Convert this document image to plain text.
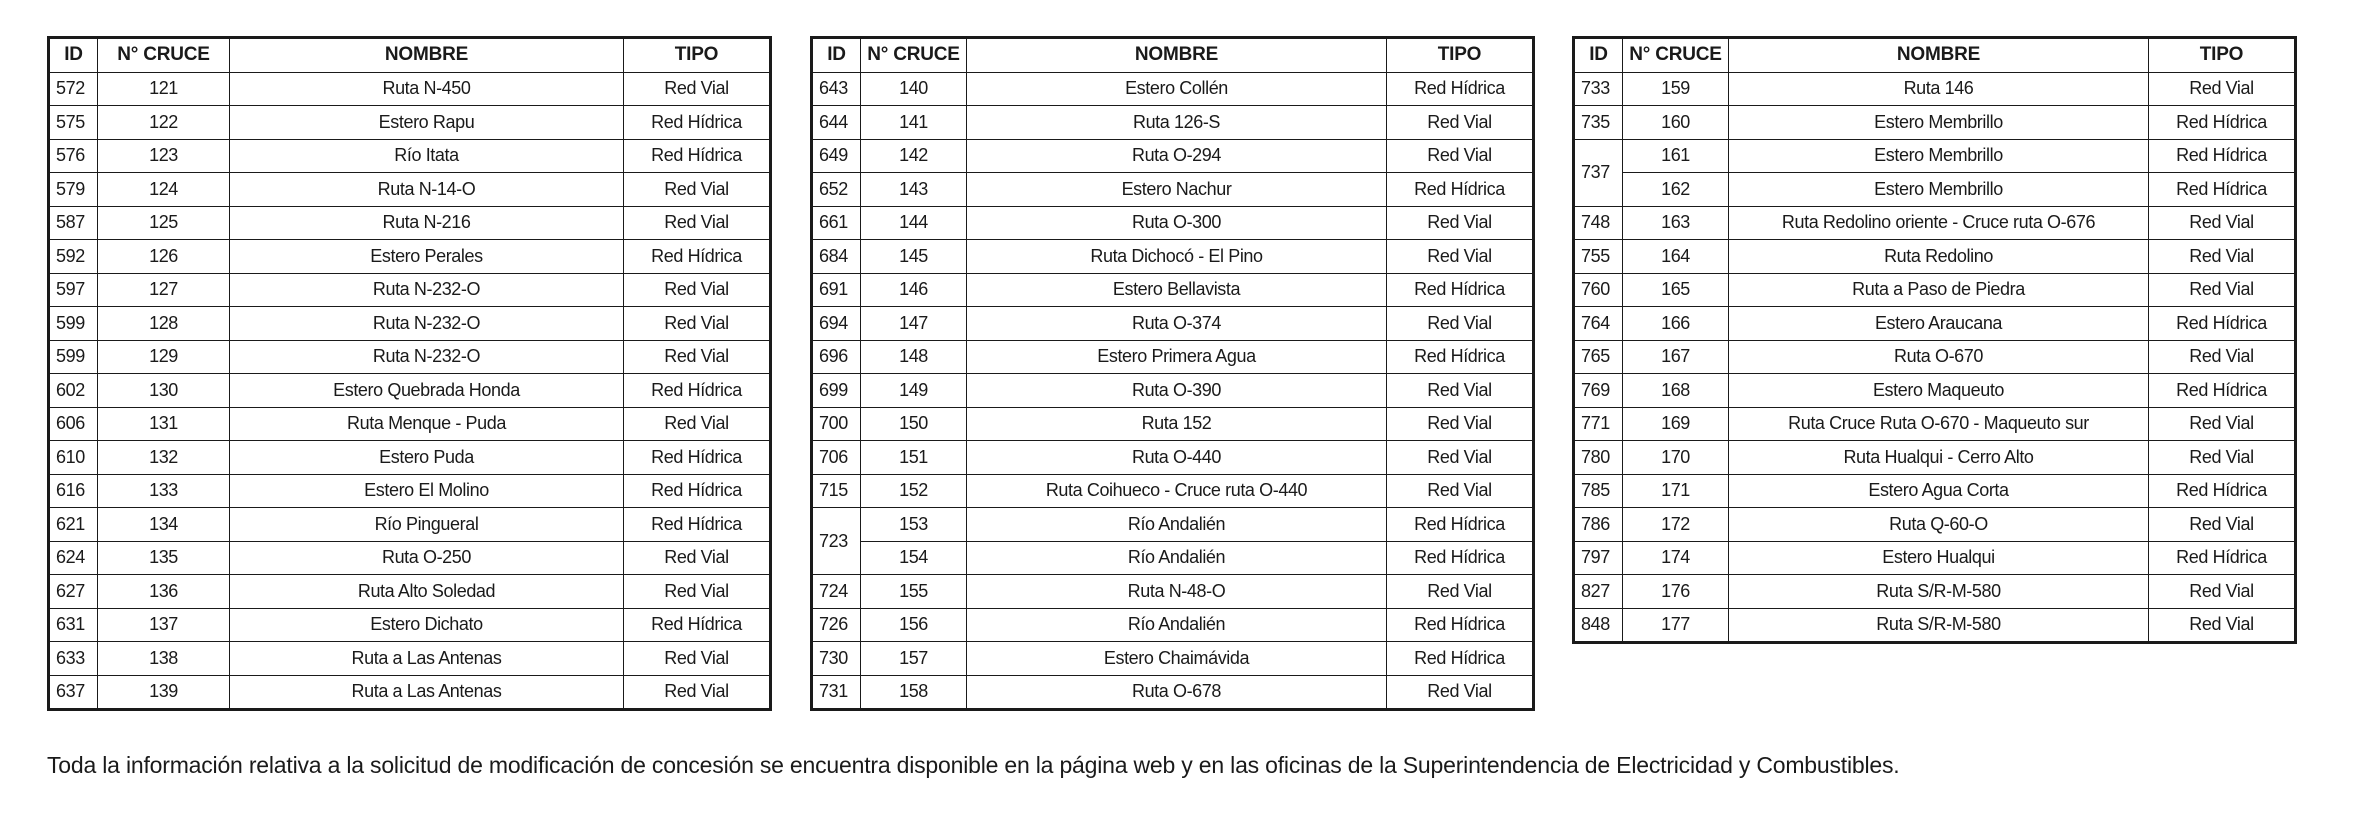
ID	N° CRUCE	NOMBRE	TIPO
572	121	Ruta N-450	Red Vial
575	122	Estero Rapu	Red Hídrica
576	123	Río Itata	Red Hídrica
579	124	Ruta N-14-O	Red Vial
587	125	Ruta N-216	Red Vial
592	126	Estero Perales	Red Hídrica
597	127	Ruta N-232-O	Red Vial
599	128	Ruta N-232-O	Red Vial
599	129	Ruta N-232-O	Red Vial
602	130	Estero Quebrada Honda	Red Hídrica
606	131	Ruta Menque - Puda	Red Vial
610	132	Estero Puda	Red Hídrica
616	133	Estero El Molino	Red Hídrica
621	134	Río Pingueral	Red Hídrica
624	135	Ruta O-250	Red Vial
627	136	Ruta Alto Soledad	Red Vial
631	137	Estero Dichato	Red Hídrica
633	138	Ruta a Las Antenas	Red Vial
637	139	Ruta a Las Antenas	Red Vial
ID	N° CRUCE	NOMBRE	TIPO
643	140	Estero Collén	Red Hídrica
644	141	Ruta 126-S	Red Vial
649	142	Ruta O-294	Red Vial
652	143	Estero Nachur	Red Hídrica
661	144	Ruta O-300	Red Vial
684	145	Ruta Dichocó - El Pino	Red Vial
691	146	Estero Bellavista	Red Hídrica
694	147	Ruta O-374	Red Vial
696	148	Estero Primera Agua	Red Hídrica
699	149	Ruta O-390	Red Vial
700	150	Ruta 152	Red Vial
706	151	Ruta O-440	Red Vial
715	152	Ruta Coihueco - Cruce ruta O-440	Red Vial
723	153	Río Andalién	Red Hídrica
	154	Río Andalién	Red Hídrica
724	155	Ruta N-48-O	Red Vial
726	156	Río Andalién	Red Hídrica
730	157	Estero Chaimávida	Red Hídrica
731	158	Ruta O-678	Red Vial
ID	N° CRUCE	NOMBRE	TIPO
733	159	Ruta 146	Red Vial
735	160	Estero Membrillo	Red Hídrica
737	161	Estero Membrillo	Red Hídrica
	162	Estero Membrillo	Red Hídrica
748	163	Ruta Redolino oriente - Cruce ruta O-676	Red Vial
755	164	Ruta Redolino	Red Vial
760	165	Ruta a Paso de Piedra	Red Vial
764	166	Estero Araucana	Red Hídrica
765	167	Ruta O-670	Red Vial
769	168	Estero Maqueuto	Red Hídrica
771	169	Ruta Cruce Ruta O-670 - Maqueuto sur	Red Vial
780	170	Ruta Hualqui - Cerro Alto	Red Vial
785	171	Estero Agua Corta	Red Hídrica
786	172	Ruta Q-60-O	Red Vial
797	174	Estero Hualqui	Red Hídrica
827	176	Ruta S/R-M-580	Red Vial
848	177	Ruta S/R-M-580	Red Vial
Toda la información relativa a la solicitud de modificación de concesión se encuentra disponible en la página web y en las oficinas de la Superintendencia de Electricidad y Combustibles.
